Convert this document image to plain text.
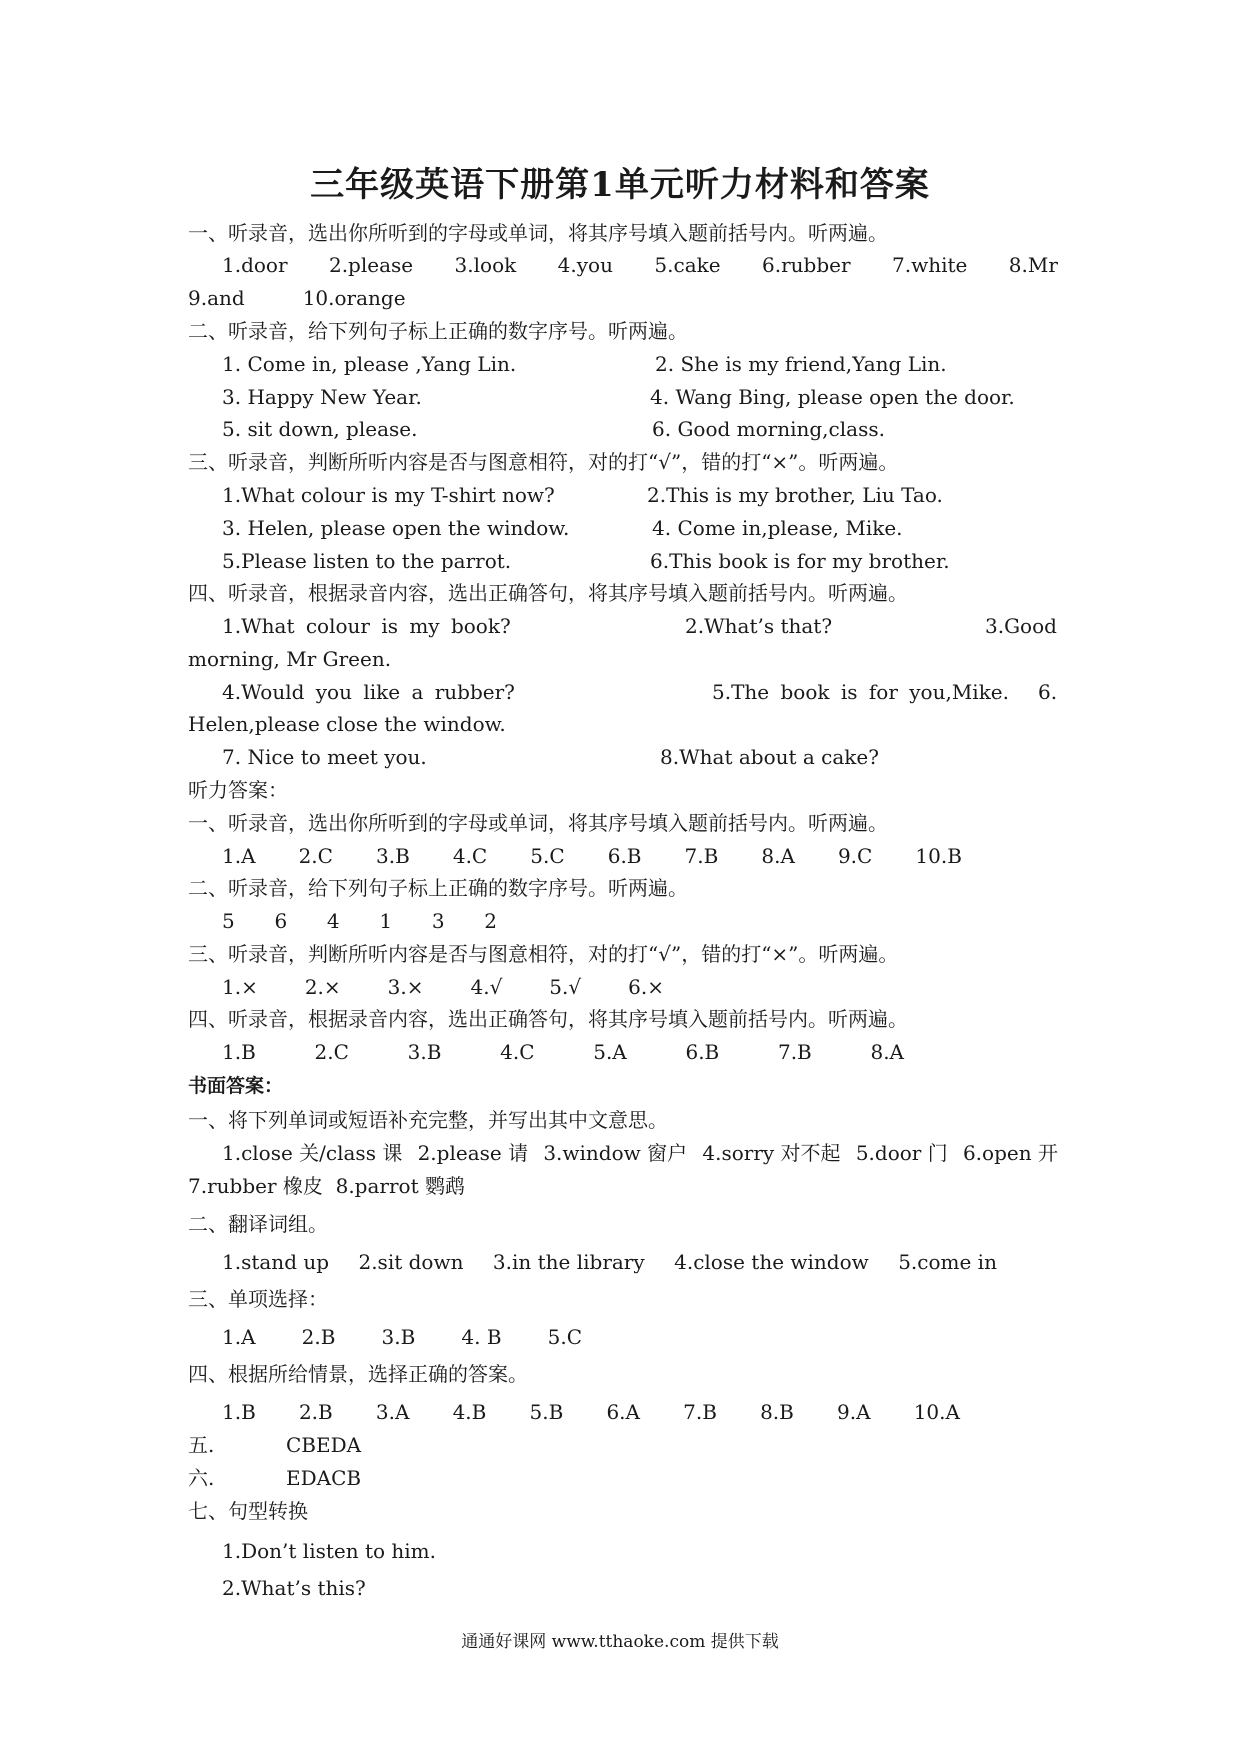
三年级英语下册第1单元听力材料和答案
一、听录音，选出你所听到的字母或单词，将其序号填入题前括号内。听两遍。
1.door 2.please 3.look 4.you 5.cake 6.rubber 7.white 8.Mr
9.and	10.orange
二、听录音，给下列句子标上正确的数字序号。听两遍。
1. Come in, please ,Yang Lin.	2. She is my friend,Yang Lin.
3. Happy New Year.	4. Wang Bing, please open the door.
5. sit down, please.	6. Good morning,class.
三、听录音，判断所听内容是否与图意相符，对的打“√”，错的打“×”。听两遍。
1.What colour is my T-shirt now?	2.This is my brother, Liu Tao.
3. Helen, please open the window.	4. Come in,please, Mike.
5.Please listen to the parrot.	6.This book is for my brother.
四、听录音，根据录音内容，选出正确答句，将其序号填入题前括号内。听两遍。
1.What colour is my book?	2.What’s that?	3.Good
morning, Mr Green.
4.Would you like a rubber?	5.The book is for you,Mike. 6.
Helen,please close the window.
7. Nice to meet you.	8.What about a cake?
听力答案：
一、听录音，选出你所听到的字母或单词，将其序号填入题前括号内。听两遍。
1.A 2.C 3.B 4.C 5.C 6.B 7.B 8.A 9.C 10.B
二、听录音，给下列句子标上正确的数字序号。听两遍。
5 6 4 1 3 2
三、听录音，判断所听内容是否与图意相符，对的打“√”，错的打“×”。听两遍。
1.× 2.× 3.× 4.√ 5.√ 6.×
四、听录音，根据录音内容，选出正确答句，将其序号填入题前括号内。听两遍。
1.B	2.C	3.B	4.C	5.A	6.B	7.B	8.A
书面答案：
一、将下列单词或短语补充完整，并写出其中文意思。
1.close 关/class 课 2.please 请 3.window 窗户 4.sorry 对不起 5.door 门 6.open 开
7.rubber 橡皮  8.parrot 鹦鹉
二、翻译词组。
1.stand up 2.sit down 3.in the library 4.close the window 5.come in
三、单项选择：
1.A 2.B 3.B 4. B 5.C
四、根据所给情景，选择正确的答案。
1.B 2.B 3.A 4.B 5.B 6.A 7.B 8.B 9.A 10.A
五.	CBEDA
六.	EDACB
七、句型转换
1.Don’t listen to him.
2.What’s this?
通通好课网 www.tthaoke.com 提供下载
